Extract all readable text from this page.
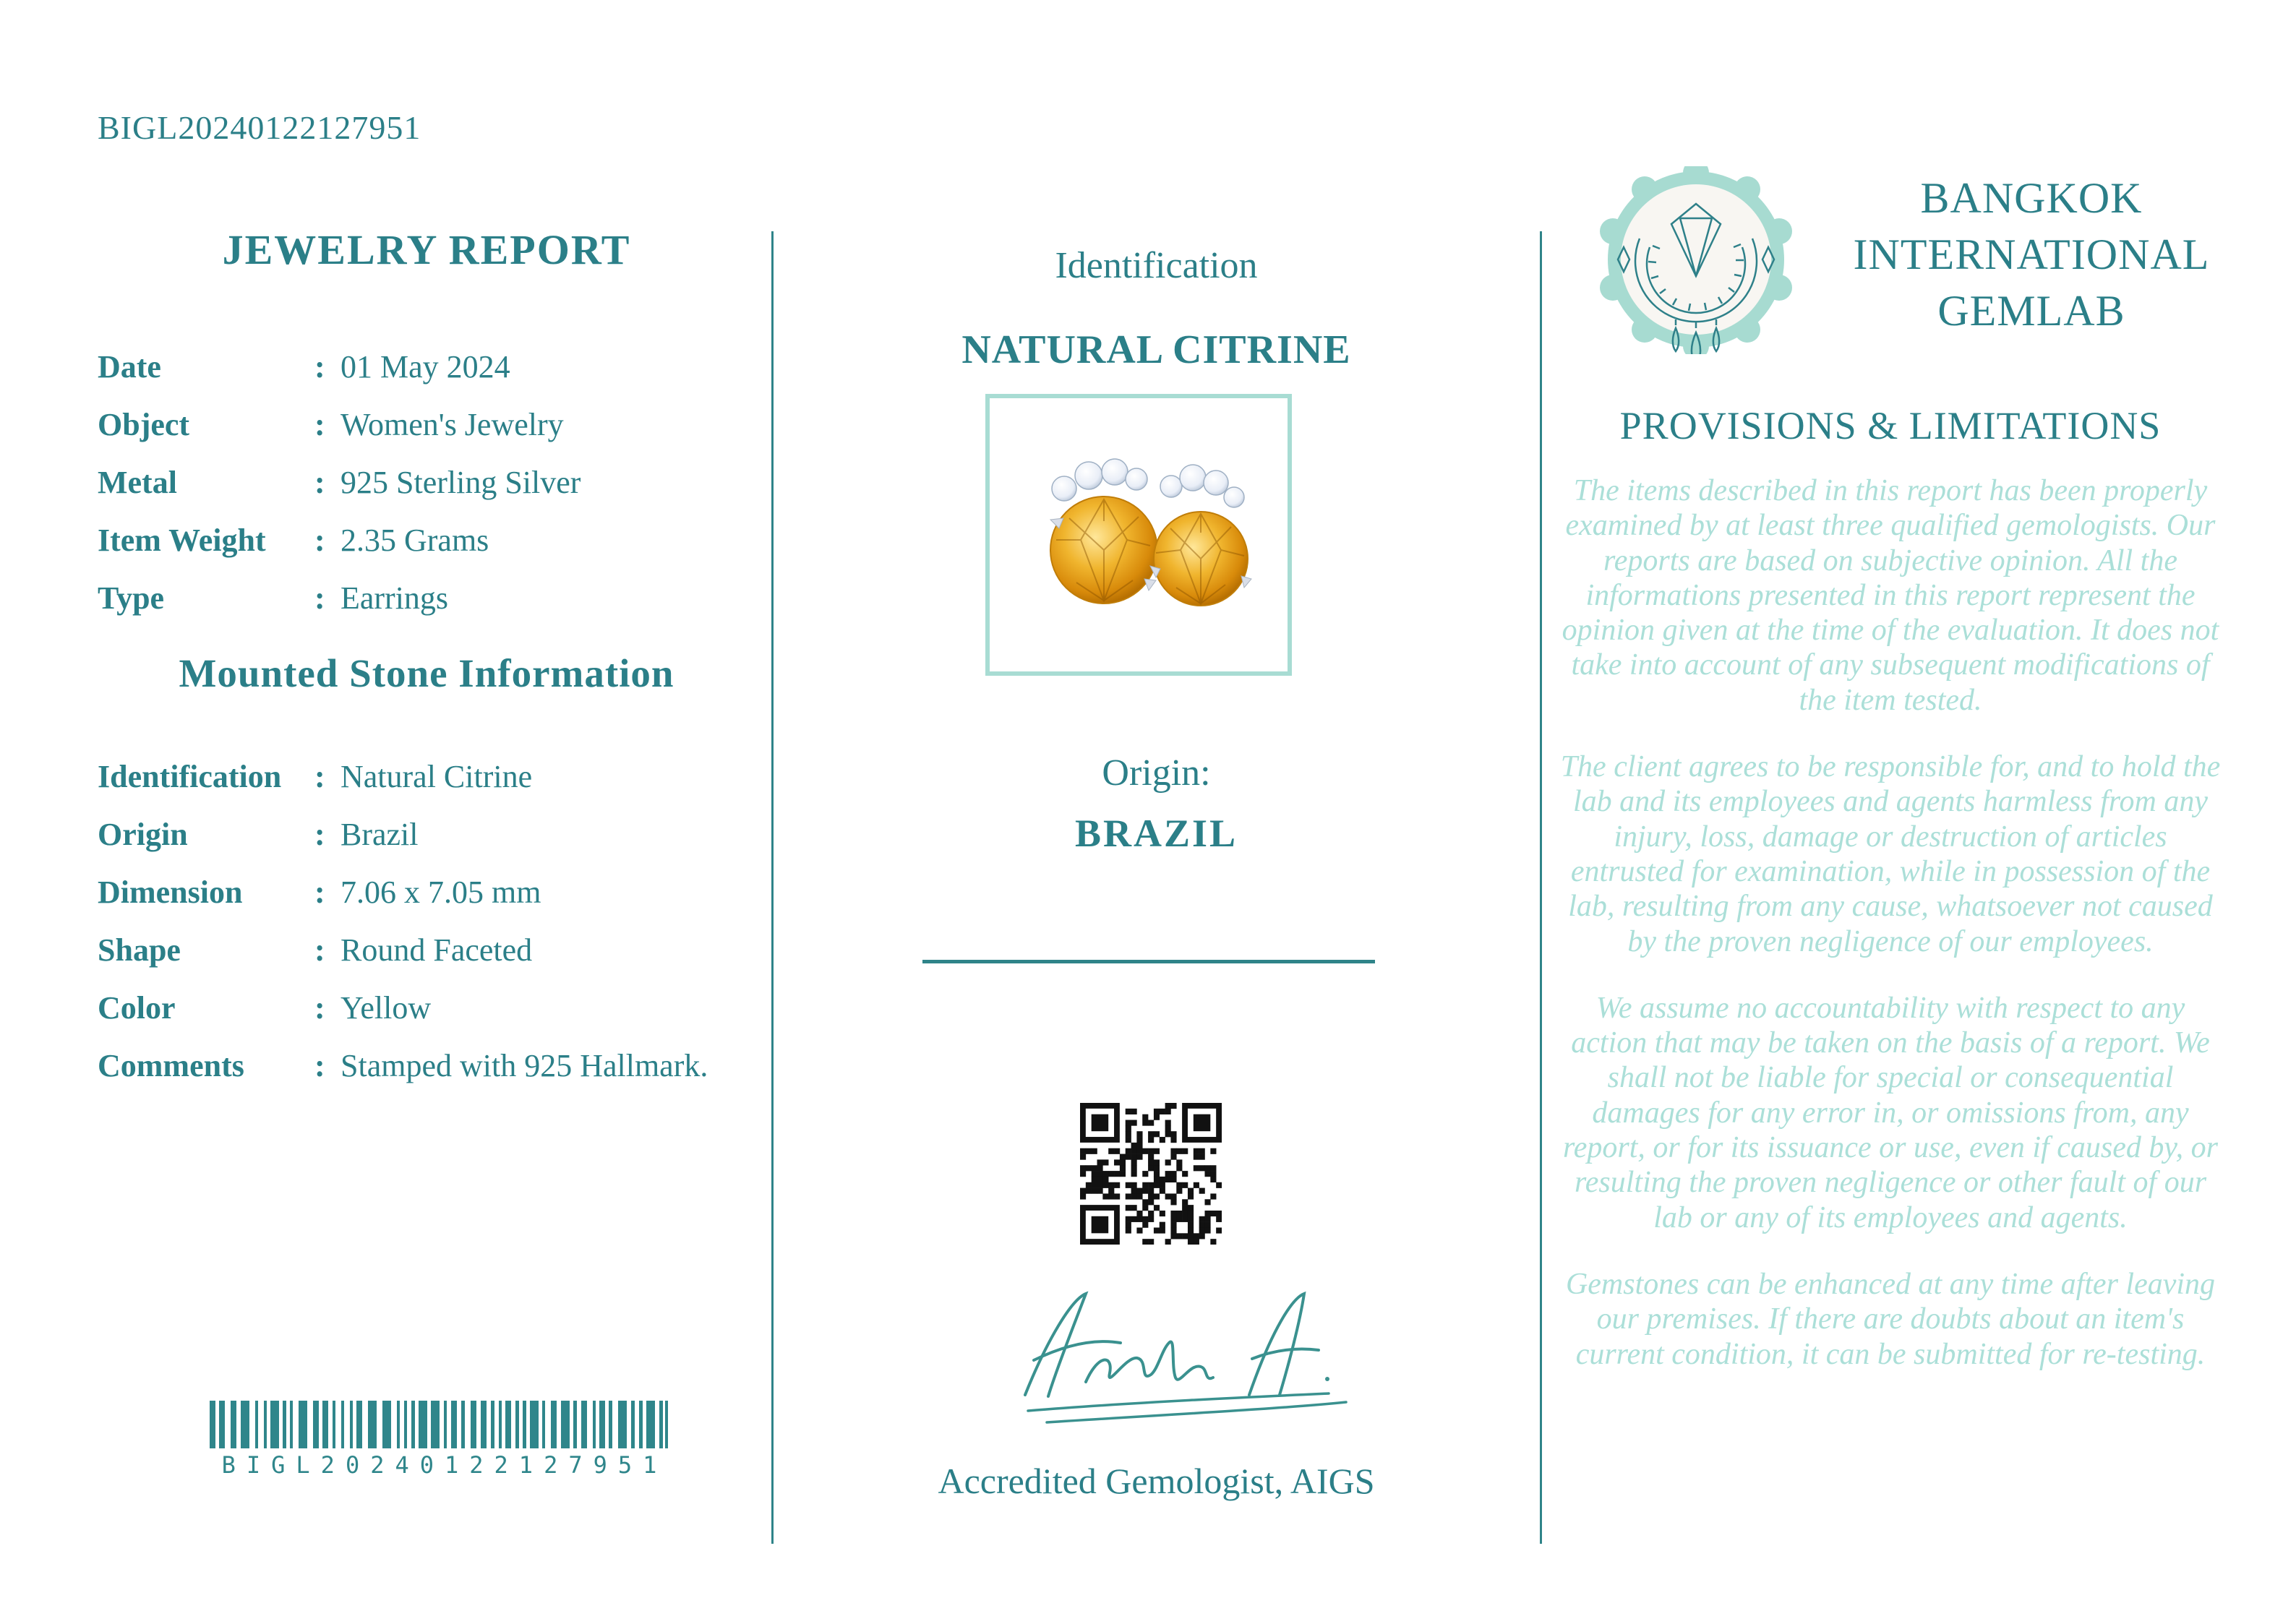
BIGL20240122127951
JEWELRY REPORT
Date	: 01 May 2024
Object	: Women's Jewelry
Metal	: 925 Sterling Silver
Item Weight	: 2.35 Grams
Type	: Earrings
Mounted Stone Information
Identification	: Natural Citrine
Origin	: Brazil
Dimension	: 7.06 x 7.05 mm
Shape	: Round Faceted
Color	: Yellow
Comments	: Stamped with 925 Hallmark.
BIGL20240122127951
Identification
NATURAL CITRINE
Origin:
BRAZIL
Accredited Gemologist, AIGS
BANGKOK
INTERNATIONAL
GEMLAB
PROVISIONS & LIMITATIONS

The items described in this report has been properly examined by at least three qualified gemologists. Our reports are based on subjective opinion. All the informations presented in this report represent the opinion given at the time of the evaluation. It does not take into account of any subsequent modifications of the item tested.

The client agrees to be responsible for, and to hold the lab and its employees and agents harmless from any injury, loss, damage or destruction of articles entrusted for examination, while in possession of the lab, resulting from any cause, whatsoever not caused by the proven negligence of our employees.

We assume no accountability with respect to any action that may be taken on the basis of a report. We shall not be liable for special or consequential damages for any error in, or omissions from, any report, or for its issuance or use, even if caused by, or resulting the proven negligence or other fault of our lab or any of its employees and agents.

Gemstones can be enhanced at any time after leaving our premises. If there are doubts about an item's current condition, it can be submitted for re-testing.
